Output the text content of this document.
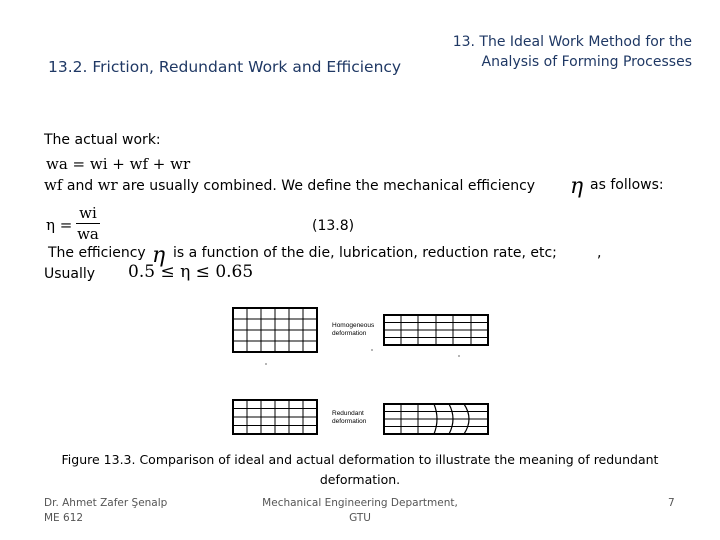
13. The Ideal Work Method for the
Analysis of Forming Processes
13.2. Friction, Redundant Work and Efficiency
The actual work:
wa = wi + wf + wr
wf and wr are usually combined. We define the mechanical efficiency η as follows:
η =
wi
wa	(13.8)
The efficiency η is a function of the die, lubrication, reduction rate, etc;	,
Usually 0.5 ≤ η ≤ 0.65
Homogeneous
deformation
Redundant
deformation
Figure 13.3. Comparison of ideal and actual deformation to illustrate the meaning of redundant
deformation.
Dr. Ahmet Zafer Şenalp
ME 612
Mechanical Engineering Department,
GTU
7
